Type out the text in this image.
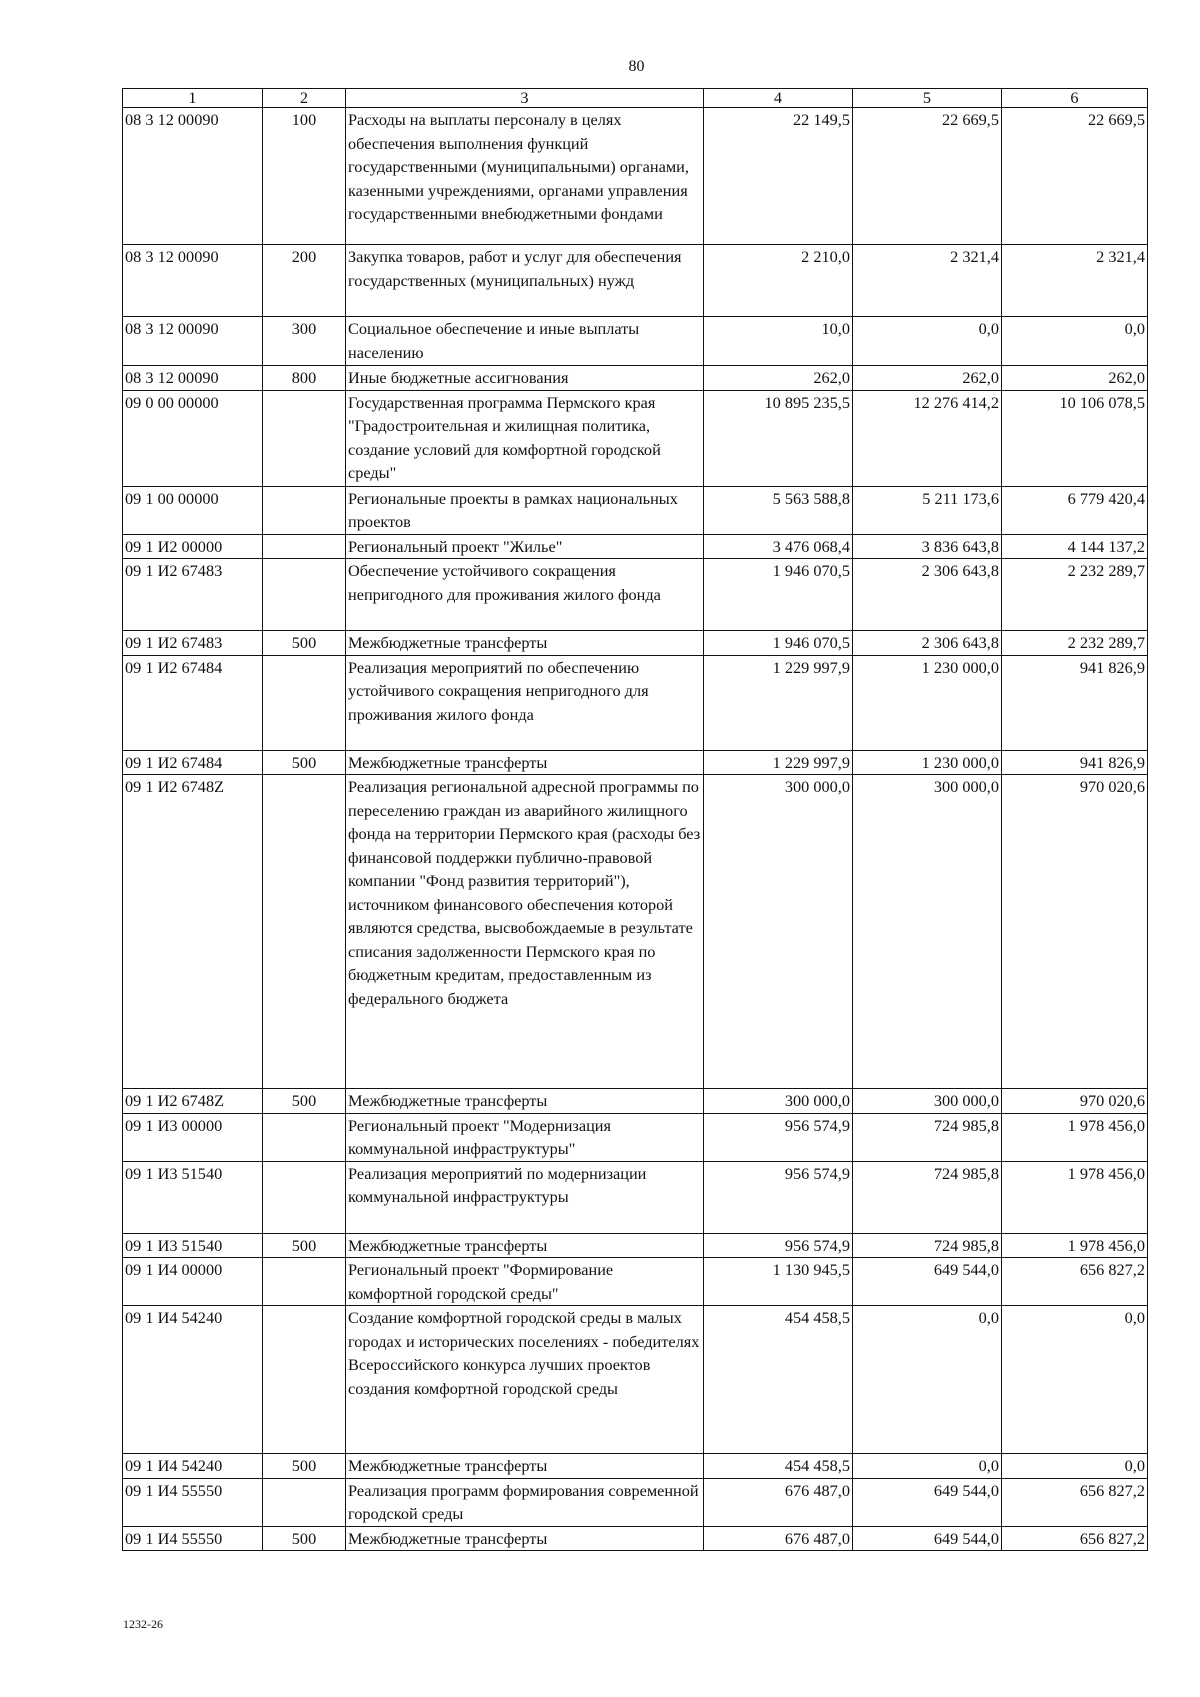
80
1	2	3	4	5	6
08 3 12 00090	100	Расходы на выплаты персоналу в целях обеспечения выполнения функций государственными (муниципальными) органами, казенными учреждениями, органами управления государственными внебюджетными фондами	22 149,5	22 669,5	22 669,5
08 3 12 00090	200	Закупка товаров, работ и услуг для обеспечения государственных (муниципальных) нужд	2 210,0	2 321,4	2 321,4
08 3 12 00090	300	Социальное обеспечение и иные выплаты населению	10,0	0,0	0,0
08 3 12 00090	800	Иные бюджетные ассигнования	262,0	262,0	262,0
09 0 00 00000		Государственная программа Пермского края "Градостроительная и жилищная политика, создание условий для комфортной городской среды"	10 895 235,5	12 276 414,2	10 106 078,5
09 1 00 00000		Региональные проекты в рамках национальных проектов	5 563 588,8	5 211 173,6	6 779 420,4
09 1 И2 00000		Региональный проект "Жилье"	3 476 068,4	3 836 643,8	4 144 137,2
09 1 И2 67483		Обеспечение устойчивого сокращения непригодного для проживания жилого фонда	1 946 070,5	2 306 643,8	2 232 289,7
09 1 И2 67483	500	Межбюджетные трансферты	1 946 070,5	2 306 643,8	2 232 289,7
09 1 И2 67484		Реализация мероприятий по обеспечению устойчивого сокращения непригодного для проживания жилого фонда	1 229 997,9	1 230 000,0	941 826,9
09 1 И2 67484	500	Межбюджетные трансферты	1 229 997,9	1 230 000,0	941 826,9
09 1 И2 6748Z		Реализация региональной адресной программы по переселению граждан из аварийного жилищного фонда на территории Пермского края (расходы без финансовой поддержки публично-правовой компании "Фонд развития территорий"), источником финансового обеспечения которой являются средства, высвобождаемые в результате списания задолженности Пермского края по бюджетным кредитам, предоставленным из федерального бюджета	300 000,0	300 000,0	970 020,6
09 1 И2 6748Z	500	Межбюджетные трансферты	300 000,0	300 000,0	970 020,6
09 1 И3 00000		Региональный проект "Модернизация коммунальной инфраструктуры"	956 574,9	724 985,8	1 978 456,0
09 1 И3 51540		Реализация мероприятий по модернизации коммунальной инфраструктуры	956 574,9	724 985,8	1 978 456,0
09 1 И3 51540	500	Межбюджетные трансферты	956 574,9	724 985,8	1 978 456,0
09 1 И4 00000		Региональный проект "Формирование комфортной городской среды"	1 130 945,5	649 544,0	656 827,2
09 1 И4 54240		Создание комфортной городской среды в малых городах и исторических поселениях - победителях Всероссийского конкурса лучших проектов создания комфортной городской среды	454 458,5	0,0	0,0
09 1 И4 54240	500	Межбюджетные трансферты	454 458,5	0,0	0,0
09 1 И4 55550		Реализация программ формирования современной городской среды	676 487,0	649 544,0	656 827,2
09 1 И4 55550	500	Межбюджетные трансферты	676 487,0	649 544,0	656 827,2
1232-26
